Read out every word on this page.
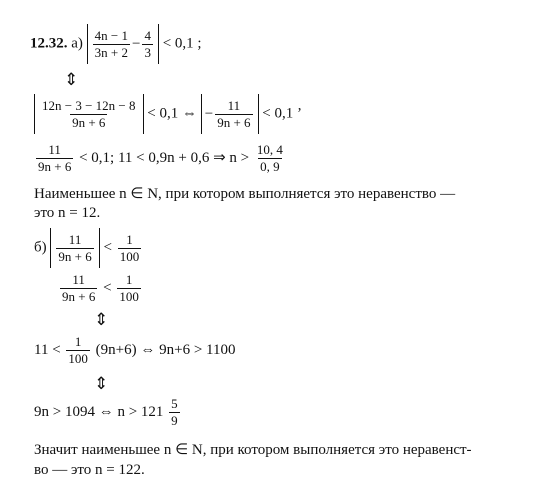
12.32. $а) \frac{4n - 1}{3n + 2} - \frac{4}{3} < 0,1$ ;
⇕
$\frac{12n - 3 - 12n - 8}{9n + 6} < 0,1$ ⇔ − $\frac{11}{9n + 6} < 0,1$ ’
$\frac{11}{9n + 6} < 0,1$; 11 < 0,9n + 0,6 ⇒ $n > \frac{10, 4}{0, 9}$
Наименьшее n ∈ N, при котором выполняется это неравенство —
это n = 12.
$б) \frac{11}{9n + 6} < \frac{1}{100}$
$\frac{11}{9n + 6} < \frac{1}{100}$
⇕
$11 < \frac{1}{100} (9n+6)$ ⇔ 9n+6 > 1100
⇕
9n > 1094 ⇔ $n > 121 \frac{5}{9}$
Значит наименьшее n ∈ N, при котором выполняется это неравенст-
во — это n = 122.
